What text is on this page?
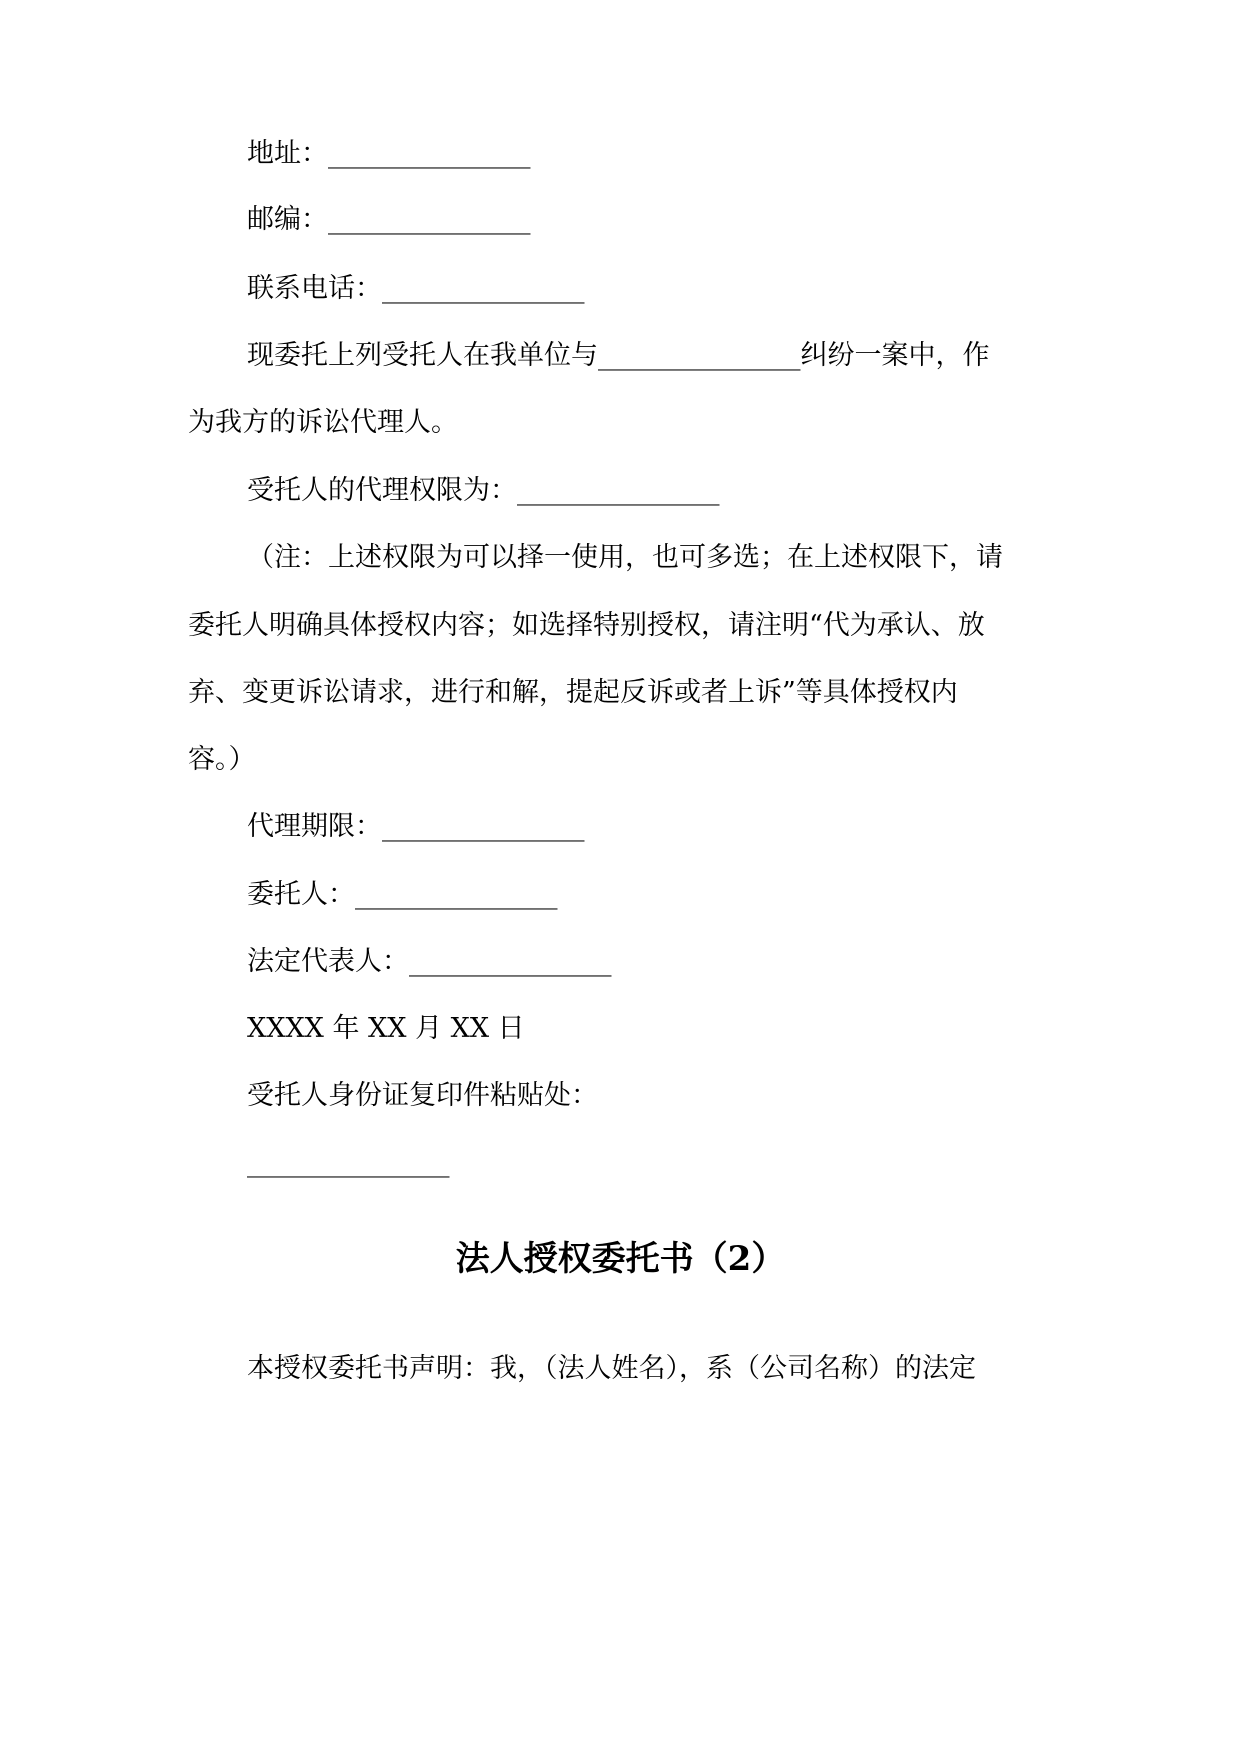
地址：_______________
邮编：_______________
联系电话：_______________
现委托上列受托人在我单位与_______________纠纷一案中，作
为我方的诉讼代理人。
受托人的代理权限为：_______________
（注：上述权限为可以择一使用，也可多选；在上述权限下，请
委托人明确具体授权内容；如选择特别授权，请注明“代为承认、放
弃、变更诉讼请求，进行和解，提起反诉或者上诉”等具体授权内
容。）
代理期限：_______________
委托人：_______________
法定代表人：_______________
XXXX 年 XX 月 XX 日
受托人身份证复印件粘贴处：
_______________
法人授权委托书（2）
本授权委托书声明：我，（法人姓名），系（公司名称）的法定
